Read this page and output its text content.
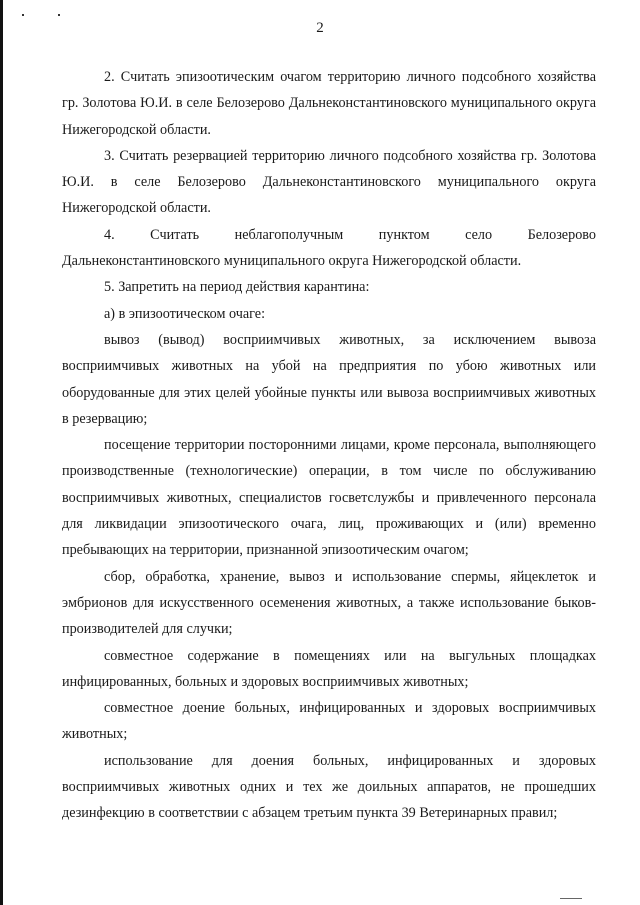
2

2. Считать эпизоотическим очагом территорию личного подсобного хозяйства гр. Золотова Ю.И. в селе Белозерово Дальнеконстантиновского муниципального округа Нижегородской области.

3. Считать резервацией территорию личного подсобного хозяйства гр. Золотова Ю.И. в селе Белозерово Дальнеконстантиновского муниципального округа Нижегородской области.

4. Считать неблагополучным пунктом село Белозерово Дальнеконстантиновского муниципального округа Нижегородской области.

5. Запретить на период действия карантина:

а) в эпизоотическом очаге:

вывоз (вывод) восприимчивых животных, за исключением вывоза восприимчивых животных на убой на предприятия по убою животных или оборудованные для этих целей убойные пункты или вывоза восприимчивых животных в резервацию;

посещение территории посторонними лицами, кроме персонала, выполняющего производственные (технологические) операции, в том числе по обслуживанию восприимчивых животных, специалистов госветслужбы и привлеченного персонала для ликвидации эпизоотического очага, лиц, проживающих и (или) временно пребывающих на территории, признанной эпизоотическим очагом;

сбор, обработка, хранение, вывоз и использование спермы, яйцеклеток и эмбрионов для искусственного осеменения животных, а также использование быков-производителей для случки;

совместное содержание в помещениях или на выгульных площадках инфицированных, больных и здоровых восприимчивых животных;

совместное доение больных, инфицированных и здоровых восприимчивых животных;

использование для доения больных, инфицированных и здоровых восприимчивых животных одних и тех же доильных аппаратов, не прошедших дезинфекцию в соответствии с абзацем третьим пункта 39 Ветеринарных правил;
